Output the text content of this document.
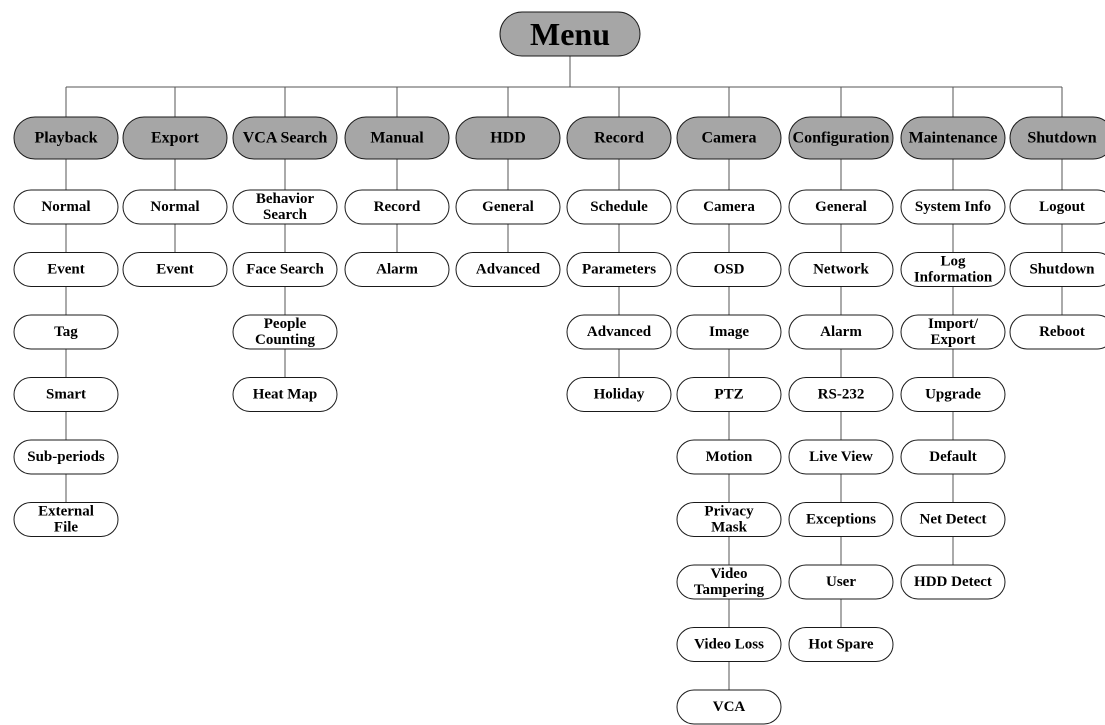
Menu
Playback
Normal
Event
Tag
Smart
Sub-periods
External
File
Export
Normal
Event
VCA Search
Behavior
Search
Face Search
People
Counting
Heat Map
Manual
Record
Alarm
HDD
General
Advanced
Record
Schedule
Parameters
Advanced
Holiday
Camera
Camera
OSD
Image
PTZ
Motion
Privacy
Mask
Video
Tampering
Video Loss
VCA
Configuration
General
Network
Alarm
RS-232
Live View
Exceptions
User
Hot Spare
Maintenance
System Info
Log
Information
Import/
Export
Upgrade
Default
Net Detect
HDD Detect
Shutdown
Logout
Shutdown
Reboot
